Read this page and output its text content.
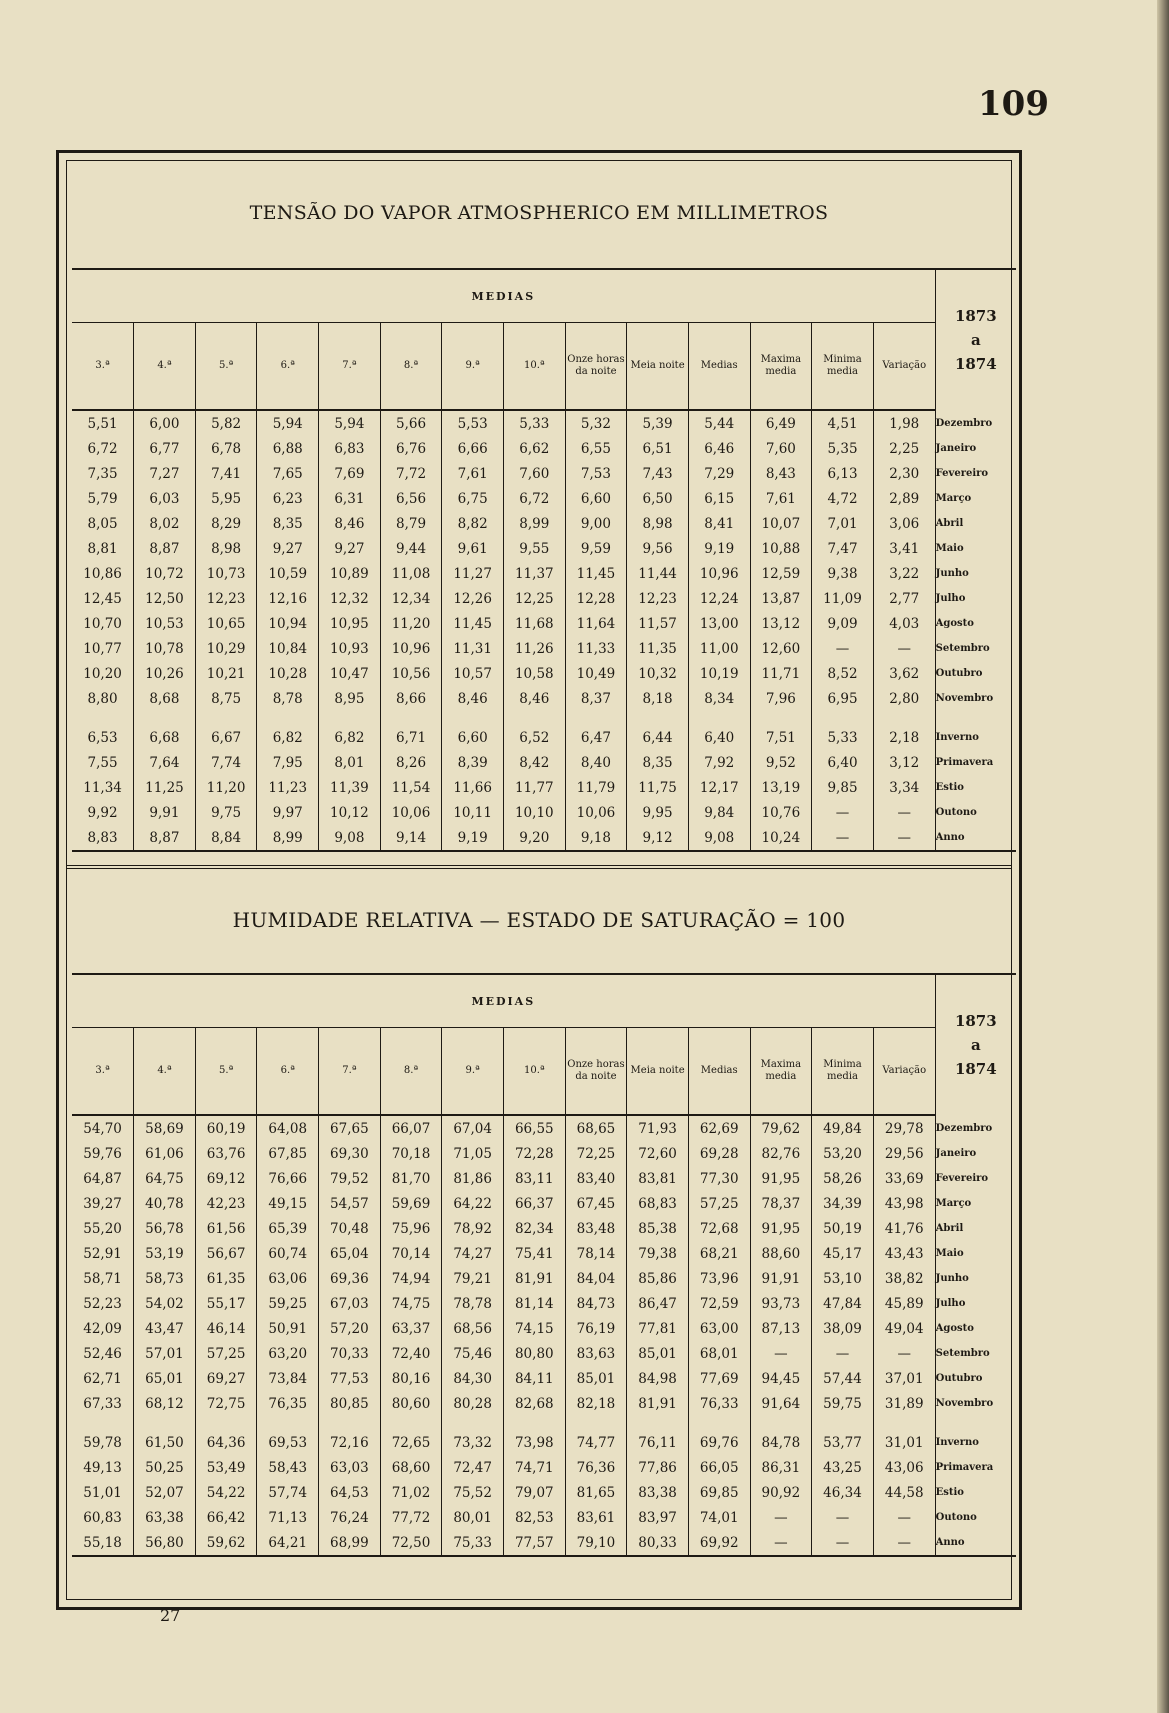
109
TENSÃO DO VAPOR ATMOSPHERICO EM MILLIMETROS
MEDIAS														1873
a
1874

3.ª	4.ª	5.ª	6.ª	7.ª	8.ª	9.ª	10.ª	Onze horas da noite	Meia noite	Medias	Maxima media	Minima media	Variação	
5,51	6,00	5,82	5,94	5,94	5,66	5,53	5,33	5,32	5,39	5,44	6,49	4,51	1,98	Dezembro
6,72	6,77	6,78	6,88	6,83	6,76	6,66	6,62	6,55	6,51	6,46	7,60	5,35	2,25	Janeiro
7,35	7,27	7,41	7,65	7,69	7,72	7,61	7,60	7,53	7,43	7,29	8,43	6,13	2,30	Fevereiro
5,79	6,03	5,95	6,23	6,31	6,56	6,75	6,72	6,60	6,50	6,15	7,61	4,72	2,89	Março
8,05	8,02	8,29	8,35	8,46	8,79	8,82	8,99	9,00	8,98	8,41	10,07	7,01	3,06	Abril
8,81	8,87	8,98	9,27	9,27	9,44	9,61	9,55	9,59	9,56	9,19	10,88	7,47	3,41	Maio
10,86	10,72	10,73	10,59	10,89	11,08	11,27	11,37	11,45	11,44	10,96	12,59	9,38	3,22	Junho
12,45	12,50	12,23	12,16	12,32	12,34	12,26	12,25	12,28	12,23	12,24	13,87	11,09	2,77	Julho
10,70	10,53	10,65	10,94	10,95	11,20	11,45	11,68	11,64	11,57	13,00	13,12	9,09	4,03	Agosto
10,77	10,78	10,29	10,84	10,93	10,96	11,31	11,26	11,33	11,35	11,00	12,60	—	—	Setembro
10,20	10,26	10,21	10,28	10,47	10,56	10,57	10,58	10,49	10,32	10,19	11,71	8,52	3,62	Outubro
8,80	8,68	8,75	8,78	8,95	8,66	8,46	8,46	8,37	8,18	8,34	7,96	6,95	2,80	Novembro

6,53	6,68	6,67	6,82	6,82	6,71	6,60	6,52	6,47	6,44	6,40	7,51	5,33	2,18	Inverno
7,55	7,64	7,74	7,95	8,01	8,26	8,39	8,42	8,40	8,35	7,92	9,52	6,40	3,12	Primavera
11,34	11,25	11,20	11,23	11,39	11,54	11,66	11,77	11,79	11,75	12,17	13,19	9,85	3,34	Estio
9,92	9,91	9,75	9,97	10,12	10,06	10,11	10,10	10,06	9,95	9,84	10,76	—	—	Outono
8,83	8,87	8,84	8,99	9,08	9,14	9,19	9,20	9,18	9,12	9,08	10,24	—	—	Anno
HUMIDADE RELATIVA — ESTADO DE SATURAÇÃO = 100
MEDIAS														1873
a
1874

3.ª	4.ª	5.ª	6.ª	7.ª	8.ª	9.ª	10.ª	Onze horas da noite	Meia noite	Medias	Maxima media	Minima media	Variação	
54,70	58,69	60,19	64,08	67,65	66,07	67,04	66,55	68,65	71,93	62,69	79,62	49,84	29,78	Dezembro
59,76	61,06	63,76	67,85	69,30	70,18	71,05	72,28	72,25	72,60	69,28	82,76	53,20	29,56	Janeiro
64,87	64,75	69,12	76,66	79,52	81,70	81,86	83,11	83,40	83,81	77,30	91,95	58,26	33,69	Fevereiro
39,27	40,78	42,23	49,15	54,57	59,69	64,22	66,37	67,45	68,83	57,25	78,37	34,39	43,98	Março
55,20	56,78	61,56	65,39	70,48	75,96	78,92	82,34	83,48	85,38	72,68	91,95	50,19	41,76	Abril
52,91	53,19	56,67	60,74	65,04	70,14	74,27	75,41	78,14	79,38	68,21	88,60	45,17	43,43	Maio
58,71	58,73	61,35	63,06	69,36	74,94	79,21	81,91	84,04	85,86	73,96	91,91	53,10	38,82	Junho
52,23	54,02	55,17	59,25	67,03	74,75	78,78	81,14	84,73	86,47	72,59	93,73	47,84	45,89	Julho
42,09	43,47	46,14	50,91	57,20	63,37	68,56	74,15	76,19	77,81	63,00	87,13	38,09	49,04	Agosto
52,46	57,01	57,25	63,20	70,33	72,40	75,46	80,80	83,63	85,01	68,01	—	—	—	Setembro
62,71	65,01	69,27	73,84	77,53	80,16	84,30	84,11	85,01	84,98	77,69	94,45	57,44	37,01	Outubro
67,33	68,12	72,75	76,35	80,85	80,60	80,28	82,68	82,18	81,91	76,33	91,64	59,75	31,89	Novembro

59,78	61,50	64,36	69,53	72,16	72,65	73,32	73,98	74,77	76,11	69,76	84,78	53,77	31,01	Inverno
49,13	50,25	53,49	58,43	63,03	68,60	72,47	74,71	76,36	77,86	66,05	86,31	43,25	43,06	Primavera
51,01	52,07	54,22	57,74	64,53	71,02	75,52	79,07	81,65	83,38	69,85	90,92	46,34	44,58	Estio
60,83	63,38	66,42	71,13	76,24	77,72	80,01	82,53	83,61	83,97	74,01	—	—	—	Outono
55,18	56,80	59,62	64,21	68,99	72,50	75,33	77,57	79,10	80,33	69,92	—	—	—	Anno
27
